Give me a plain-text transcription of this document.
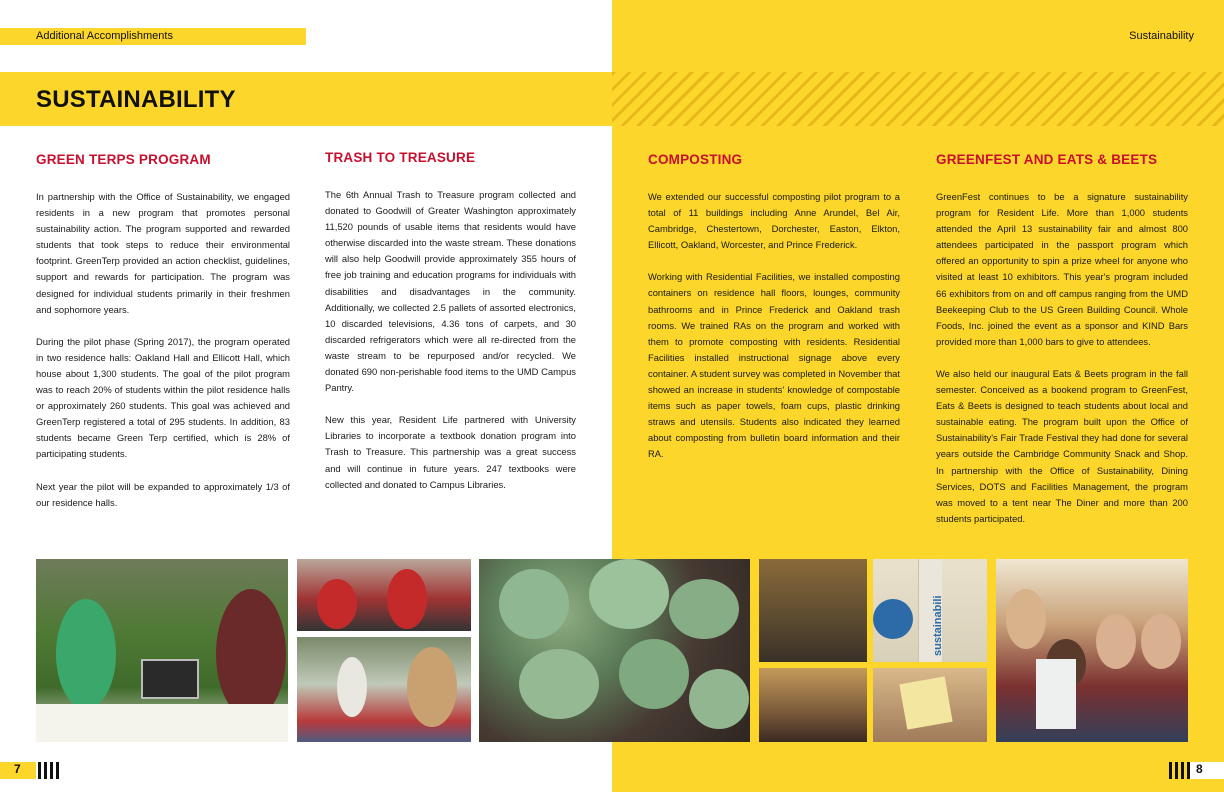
Additional Accomplishments	Sustainability
SUSTAINABILITY
GREEN TERPS PROGRAM

In partnership with the Office of Sustainability, we engaged residents in a new program that promotes personal sustainability action. The program supported and rewarded students that took steps to reduce their environmental footprint. GreenTerp provided an action checklist, guidelines, support and rewards for participation. The program was designed for individual students primarily in their freshmen and sophomore years.

During the pilot phase (Spring 2017), the program operated in two residence halls: Oakland Hall and Ellicott Hall, which house about 1,300 students. The goal of the pilot program was to reach 20% of students within the pilot residence halls or approximately 260 students. This goal was achieved and GreenTerp registered a total of 295 students. In addition, 83 students became Green Terp certified, which is 28% of participating students.

Next year the pilot will be expanded to approximately 1/3 of our residence halls.

TRASH TO TREASURE

The 6th Annual Trash to Treasure program collected and donated to Goodwill of Greater Washington approximately 11,520 pounds of usable items that residents would have otherwise discarded into the waste stream. These donations will also help Goodwill provide approximately 355 hours of free job training and education programs for individuals with disabilities and disadvantages in the community. Additionally, we collected 2.5 pallets of assorted electronics, 10 discarded televisions, 4.36 tons of carpets, and 30 discarded refrigerators which were all re-directed from the waste stream to be repurposed and/or recycled. We donated 690 non-perishable food items to the UMD Campus Pantry.

New this year, Resident Life partnered with University Libraries to incorporate a textbook donation program into Trash to Treasure. This partnership was a great success and will continue in future years. 247 textbooks were collected and donated to Campus Libraries.

COMPOSTING

We extended our successful composting pilot program to a total of 11 buildings including Anne Arundel, Bel Air, Cambridge, Chestertown, Dorchester, Easton, Elkton, Ellicott, Oakland, Worcester, and Prince Frederick.

Working with Residential Facilities, we installed composting containers on residence hall floors, lounges, community bathrooms and in Prince Frederick and Oakland trash rooms. We trained RAs on the program and worked with them to promote composting with residents. Residential Facilities installed instructional signage above every container. A student survey was completed in November that showed an increase in students' knowledge of compostable items such as paper towels, foam cups, plastic drinking straws and utensils. Students also indicated they learned about composting from bulletin board information and their RA.

GREENFEST AND EATS & BEETS

GreenFest continues to be a signature sustainability program for Resident Life. More than 1,000 students attended the April 13 sustainability fair and almost 800 attendees participated in the passport program which offered an opportunity to spin a prize wheel for anyone who visited at least 10 exhibitors. This year's program included 66 exhibitors from on and off campus ranging from the UMD Beekeeping Club to the US Green Building Council. Whole Foods, Inc. joined the event as a sponsor and KIND Bars provided more than 1,000 bars to give to attendees.

We also held our inaugural Eats & Beets program in the fall semester. Conceived as a bookend program to GreenFest, Eats & Beets is designed to teach students about local and sustainable eating. The program built upon the Office of Sustainability's Fair Trade Festival they had done for several years outside the Cambridge Community Snack and Shop. In partnership with the Office of Sustainability, Dining Services, DOTS and Facilities Management, the program was moved to a tent near The Diner and more than 200 students participated.

sustainabili
7	8
